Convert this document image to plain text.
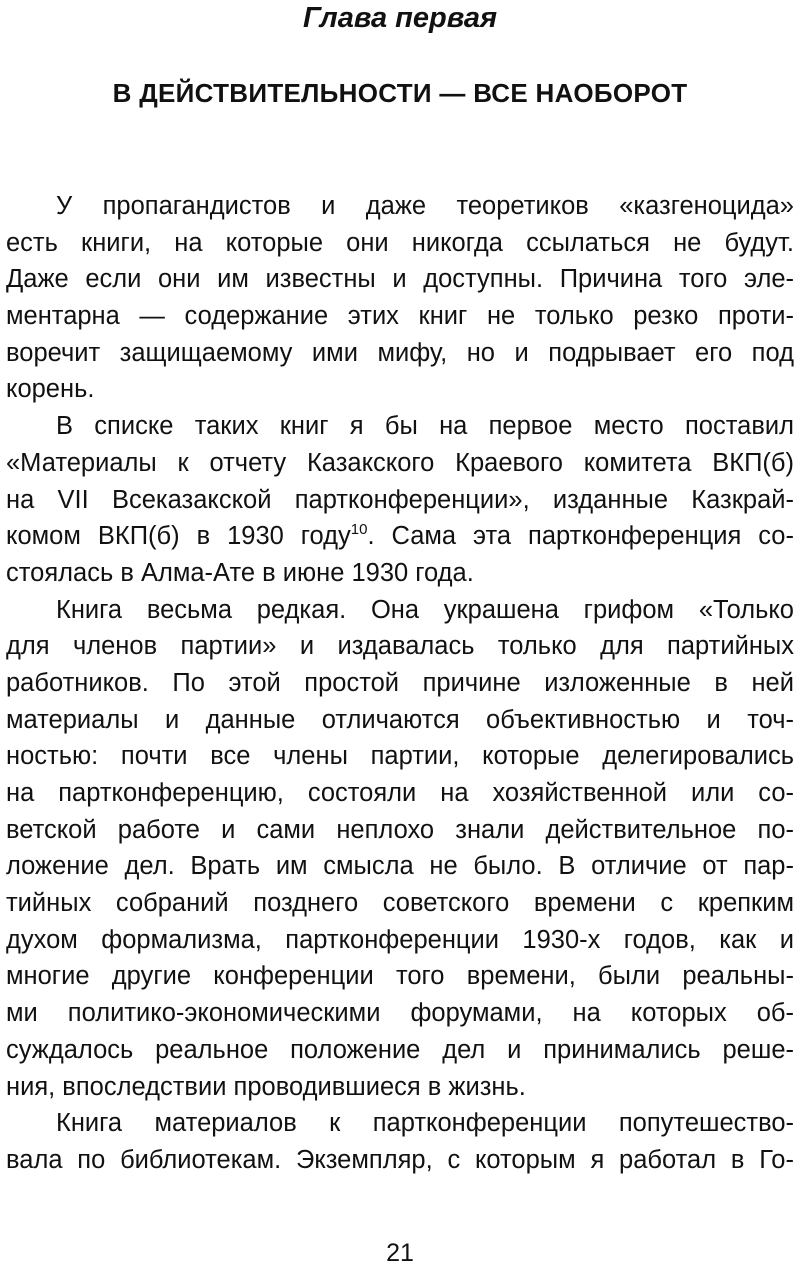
Глава первая
В ДЕЙСТВИТЕЛЬНОСТИ — ВСЕ НАОБОРОТ
У пропагандистов и даже теоретиков «казгеноцида»
есть книги, на которые они никогда ссылаться не будут.
Даже если они им известны и доступны. Причина того эле-
ментарна — содержание этих книг не только резко проти-
воречит защищаемому ими мифу, но и подрывает его под
корень.
В списке таких книг я бы на первое место поставил
«Материалы к отчету Казакского Краевого комитета ВКП(б)
на VII Всеказакской партконференции», изданные Казкрай-
комом ВКП(б) в 1930 году$^{10}$. Сама эта партконференция со-
стоялась в Алма-Ате в июне 1930 года.
Книга весьма редкая. Она украшена грифом «Только
для членов партии» и издавалась только для партийных
работников. По этой простой причине изложенные в ней
материалы и данные отличаются объективностью и точ-
ностью: почти все члены партии, которые делегировались
на партконференцию, состояли на хозяйственной или со-
ветской работе и сами неплохо знали действительное по-
ложение дел. Врать им смысла не было. В отличие от пар-
тийных собраний позднего советского времени с крепким
духом формализма, партконференции 1930-х годов, как и
многие другие конференции того времени, были реальны-
ми политико-экономическими форумами, на которых об-
суждалось реальное положение дел и принимались реше-
ния, впоследствии проводившиеся в жизнь.
Книга материалов к партконференции попутешество-
вала по библиотекам. Экземпляр, с которым я работал в Го-
21
